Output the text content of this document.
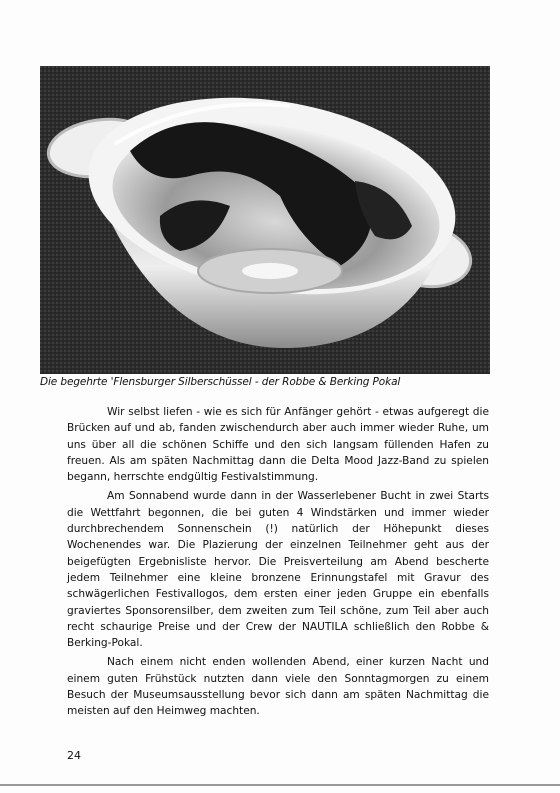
Die begehrte 'Flensburger Silberschüssel - der Robbe & Berking Pokal

Wir selbst liefen - wie es sich für Anfänger gehört - etwas aufgeregt die Brücken auf und ab, fanden zwischendurch aber auch immer wieder Ruhe, um uns über all die schönen Schiffe und den sich langsam füllenden Hafen zu freuen. Als am späten Nachmittag dann die Delta Mood Jazz-Band zu spielen begann, herrschte endgültig Festivalstimmung.

Am Sonnabend wurde dann in der Wasserlebener Bucht in zwei Starts die Wettfahrt begonnen, die bei guten 4 Windstärken und immer wieder durchbrechendem Sonnenschein (!) natürlich der Höhepunkt dieses Wochenendes war. Die Plazierung der einzelnen Teilnehmer geht aus der beigefügten Ergebnisliste hervor. Die Preisverteilung am Abend bescherte jedem Teilnehmer eine kleine bronzene Erinnungstafel mit Gravur des schwägerlichen Festivallogos, dem ersten einer jeden Gruppe ein ebenfalls graviertes Sponsorensilber, dem zweiten zum Teil schöne, zum Teil aber auch recht schaurige Preise und der Crew der NAUTILA schließlich den Robbe & Berking-Pokal.

Nach einem nicht enden wollenden Abend, einer kurzen Nacht und einem guten Frühstück nutzten dann viele den Sonntagmorgen zu einem Besuch der Museumsausstellung bevor sich dann am späten Nachmittag die meisten auf den Heimweg machten.

24
